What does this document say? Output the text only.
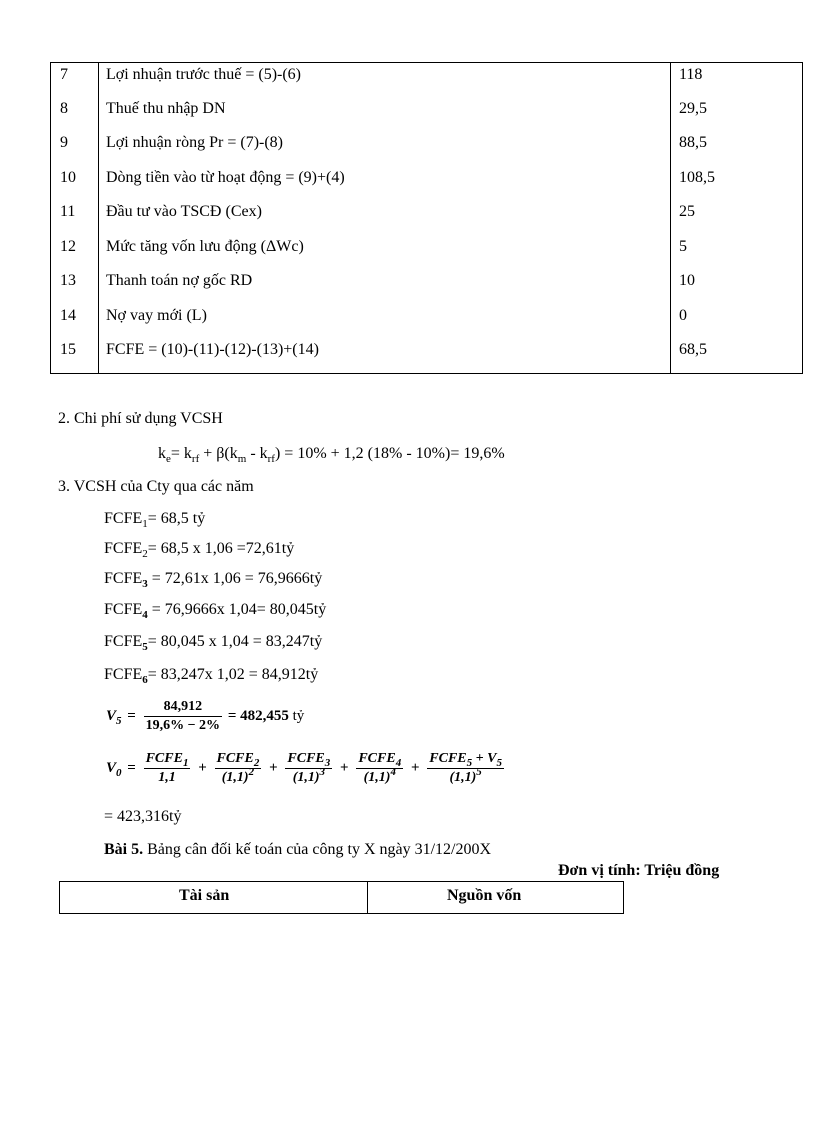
7 Lợi nhuận trước thuế = (5)-(6)	118
8 Thuế thu nhập DN	29,5
9 Lợi nhuận ròng Pr = (7)-(8)	88,5
10 Dòng tiền vào từ hoạt động = (9)+(4)	108,5
11 Đầu tư vào TSCĐ (Cex)	25
12 Mức tăng vốn lưu động (ΔWc)	5
13 Thanh toán nợ gốc RD	10
14 Nợ vay mới (L)	0
15 FCFE = (10)-(11)-(12)-(13)+(14)	68,5
2. Chi phí sử dụng VCSH
$k_e= k_{rf} + \beta(k_m - k_{rf}) = 10\% + 1,2$ (18% - 10%)= 19,6%
3. VCSH của Cty qua các năm
$FCFE_1= 68,5$ tỷ
$FCFE_2= 68,5$ x 1,06 =72,61tỷ
$FCFE_3 = 72,61x$ 1,06 = 76,9666tỷ
$FCFE_4 = 76,9666x$ 1,04= 80,045tỷ
$FCFE_5= 80,045$ x 1,04 = 83,247tỷ
$FCFE_6= 83,247x$ 1,02 = 84,912tỷ
$V_5 = \frac{84,912}{19,6\% - 2\%} = 482,455$ tỷ
$V_0 = \frac{FCFE_1}{1,1} + \frac{FCFE_2}{(1,1)^2} + \frac{FCFE_3}{(1,1)^3} + \frac{FCFE_4}{(1,1)^4} + \frac{FCFE_5 + V_5}{(1,1)^5}$
= 423,316tỷ
Bài 5. Bảng cân đối kế toán của công ty X ngày 31/12/200X
Đơn vị tính: Triệu đồng
Tài sản	Nguồn vốn
